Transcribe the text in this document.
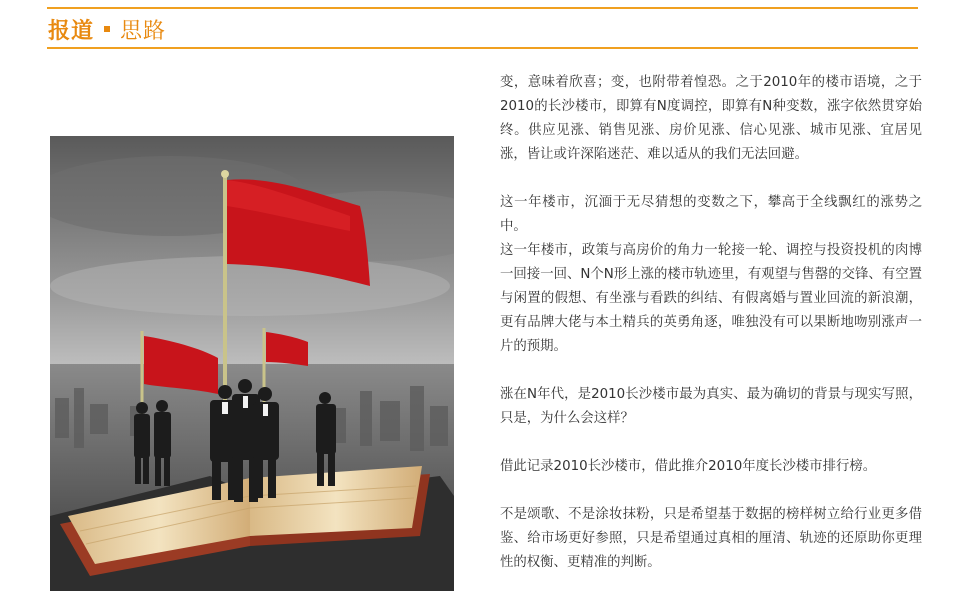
报道 思路

变，意味着欣喜；变，也附带着惶恐。之于2010年的楼市语境，之于2010的长沙楼市，即算有N度调控，即算有N种变数，涨字依然贯穿始终。供应见涨、销售见涨、房价见涨、信心见涨、城市见涨、宜居见涨，皆让或许深陷迷茫、难以适从的我们无法回避。

这一年楼市，沉湎于无尽猜想的变数之下，攀高于全线飘红的涨势之中。

这一年楼市，政策与高房价的角力一轮接一轮、调控与投资投机的肉博一回接一回、N个N形上涨的楼市轨迹里，有观望与售罄的交锋、有空置与闲置的假想、有坐涨与看跌的纠结、有假离婚与置业回流的新浪潮，更有品牌大佬与本土精兵的英勇角逐，唯独没有可以果断地吻别涨声一片的预期。

涨在N年代，是2010长沙楼市最为真实、最为确切的背景与现实写照，只是，为什么会这样？

借此记录2010长沙楼市，借此推介2010年度长沙楼市排行榜。

不是颂歌、不是涂妆抹粉，只是希望基于数据的榜样树立给行业更多借鉴、给市场更好参照，只是希望通过真相的厘清、轨迹的还原助你更理性的权衡、更精准的判断。
